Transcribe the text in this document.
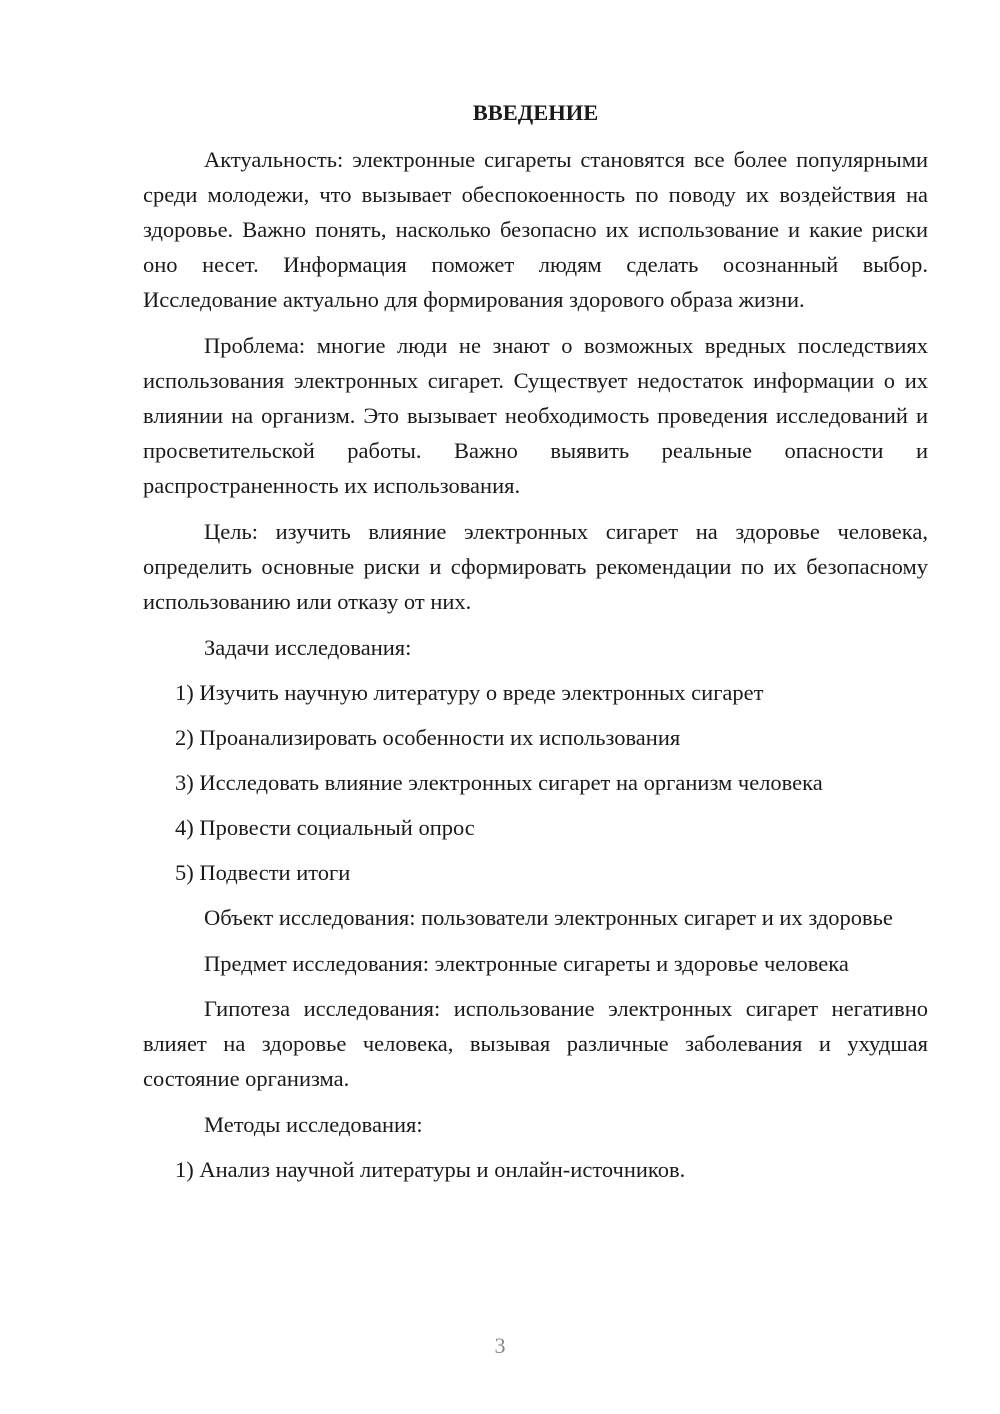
ВВЕДЕНИЕ

Актуальность: электронные сигареты становятся все более популярными среди молодежи, что вызывает обеспокоенность по поводу их воздействия на здоровье. Важно понять, насколько безопасно их использование и какие риски оно несет. Информация поможет людям сделать осознанный выбор. Исследование актуально для формирования здорового образа жизни.

Проблема: многие люди не знают о возможных вредных последствиях использования электронных сигарет. Существует недостаток информации о их влиянии на организм. Это вызывает необходимость проведения исследований и просветительской работы. Важно выявить реальные опасности и распространенность их использования.

Цель: изучить влияние электронных сигарет на здоровье человека, определить основные риски и сформировать рекомендации по их безопасному использованию или отказу от них.

Задачи исследования:

1) Изучить научную литературу о вреде электронных сигарет

2) Проанализировать особенности их использования

3) Исследовать влияние электронных сигарет на организм человека

4) Провести социальный опрос

5) Подвести итоги

Объект исследования: пользователи электронных сигарет и их здоровье

Предмет исследования: электронные сигареты и здоровье человека

Гипотеза исследования: использование электронных сигарет негативно влияет на здоровье человека, вызывая различные заболевания и ухудшая состояние организма.

Методы исследования:

1) Анализ научной литературы и онлайн-источников.

3
